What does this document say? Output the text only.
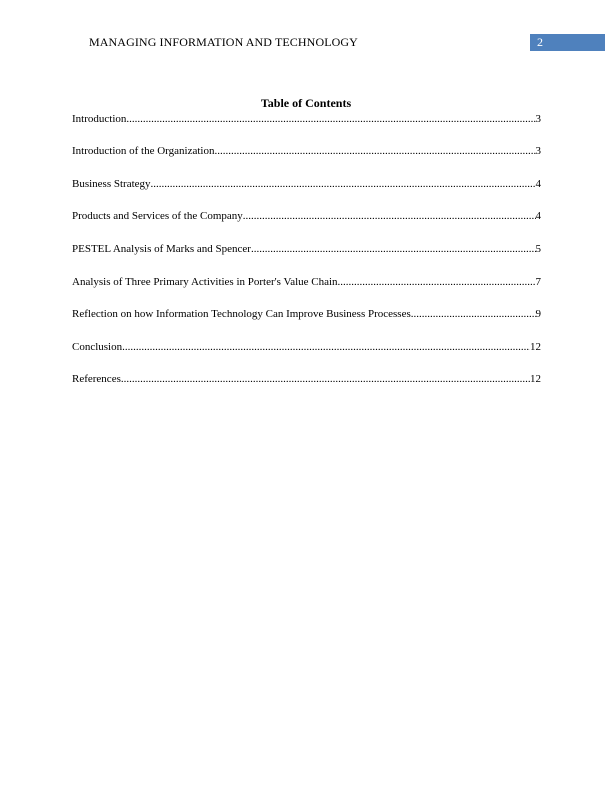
MANAGING INFORMATION AND TECHNOLOGY	2
Table of Contents
Introduction .....	3
Introduction of the Organization .....	3
Business Strategy .....	4
Products and Services of the Company .....	4
PESTEL Analysis of Marks and Spencer .....	5
Analysis of Three Primary Activities in Porter's Value Chain .....	7
Reflection on how Information Technology Can Improve Business Processes .....	9
Conclusion .....	12
References .....	12
